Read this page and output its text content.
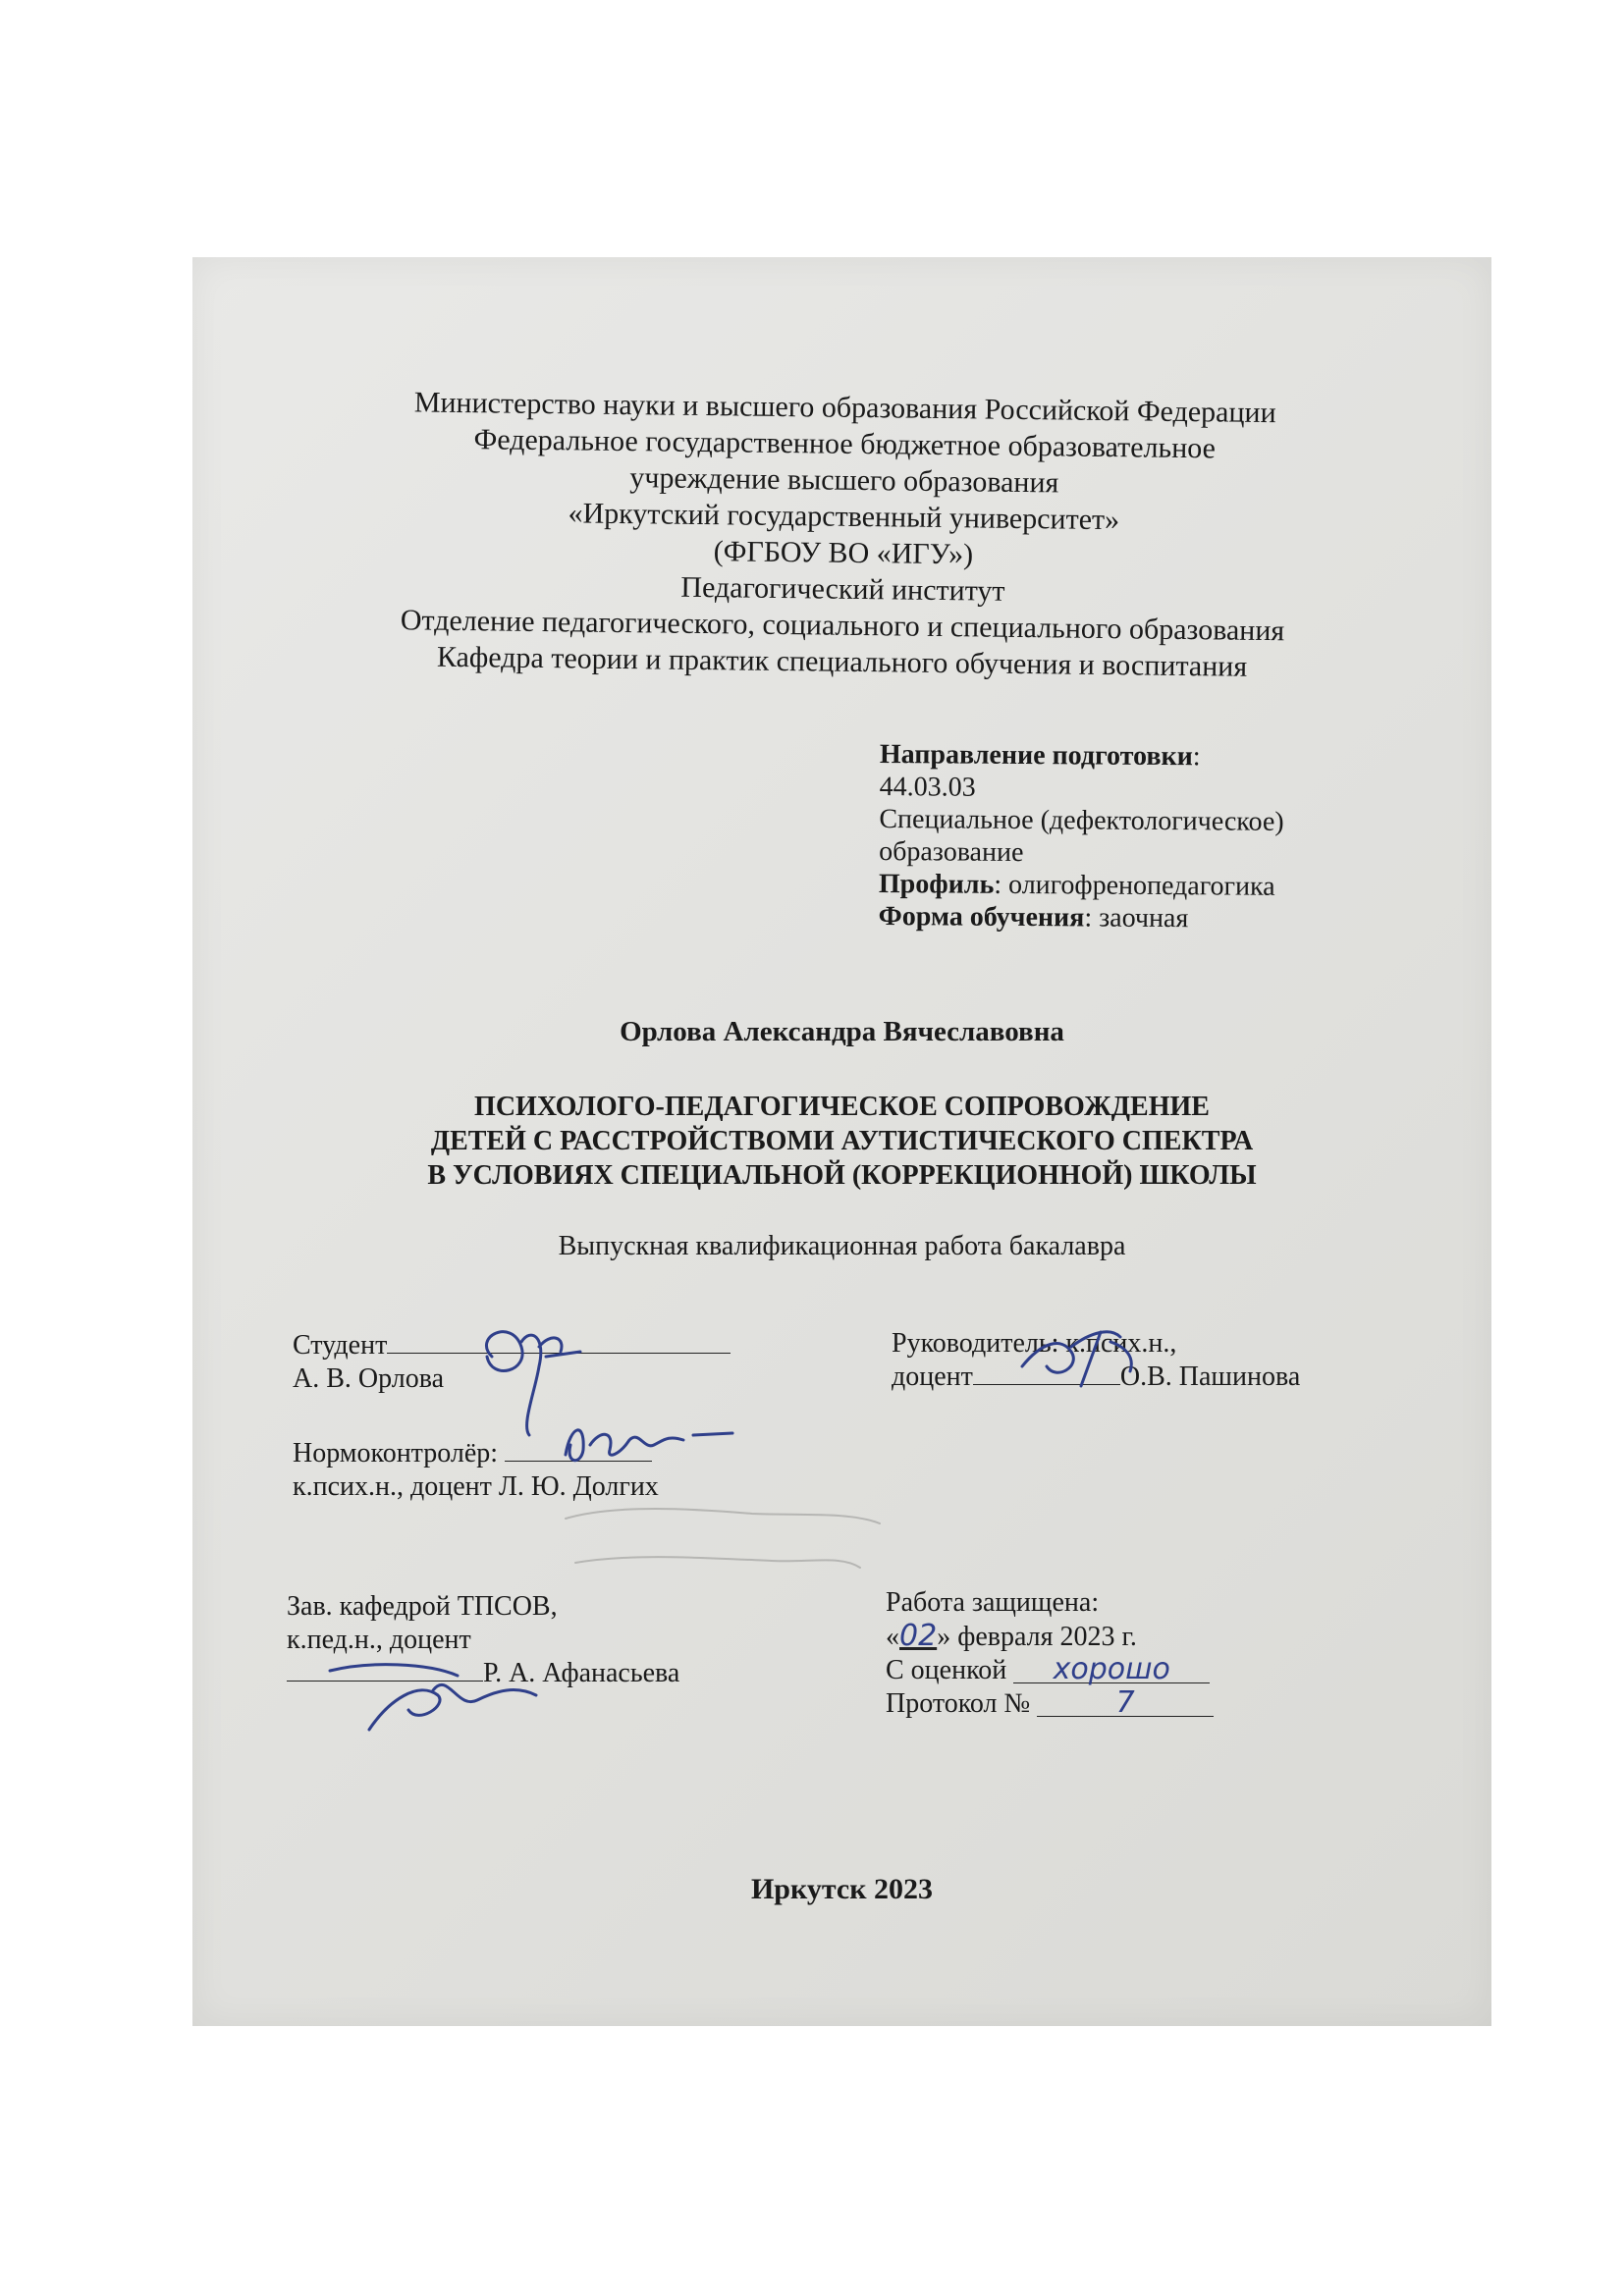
Министерство науки и высшего образования Российской Федерации
Федеральное государственное бюджетное образовательное
учреждение высшего образования
«Иркутский государственный университет»
(ФГБОУ ВО «ИГУ»)
Педагогический институт
Отделение педагогического, социального и специального образования
Кафедра теории и практик специального обучения и воспитания
Направление подготовки:
44.03.03
Специальное (дефектологическое)
образование
Профиль: олигофренопедагогика
Форма обучения: заочная
Орлова Александра Вячеславовна
ПСИХОЛОГО-ПЕДАГОГИЧЕСКОЕ СОПРОВОЖДЕНИЕ
ДЕТЕЙ С РАССТРОЙСТВОМИ АУТИСТИЧЕСКОГО СПЕКТРА
В УСЛОВИЯХ СПЕЦИАЛЬНОЙ (КОРРЕКЦИОННОЙ) ШКОЛЫ
Выпускная квалификационная работа бакалавра
Студент
А. В. Орлова
Руководитель: к.псих.н.,
доцент	О.В. Пашинова
Нормоконтролёр:
к.псих.н., доцент Л. Ю. Долгих
Зав. кафедрой ТПСОВ,
к.пед.н., доцент
Р. А. Афанасьева
Работа защищена:
«02» февраля 2023 г.
С оценкой хорошо
Протокол №	7
Иркутск 2023
